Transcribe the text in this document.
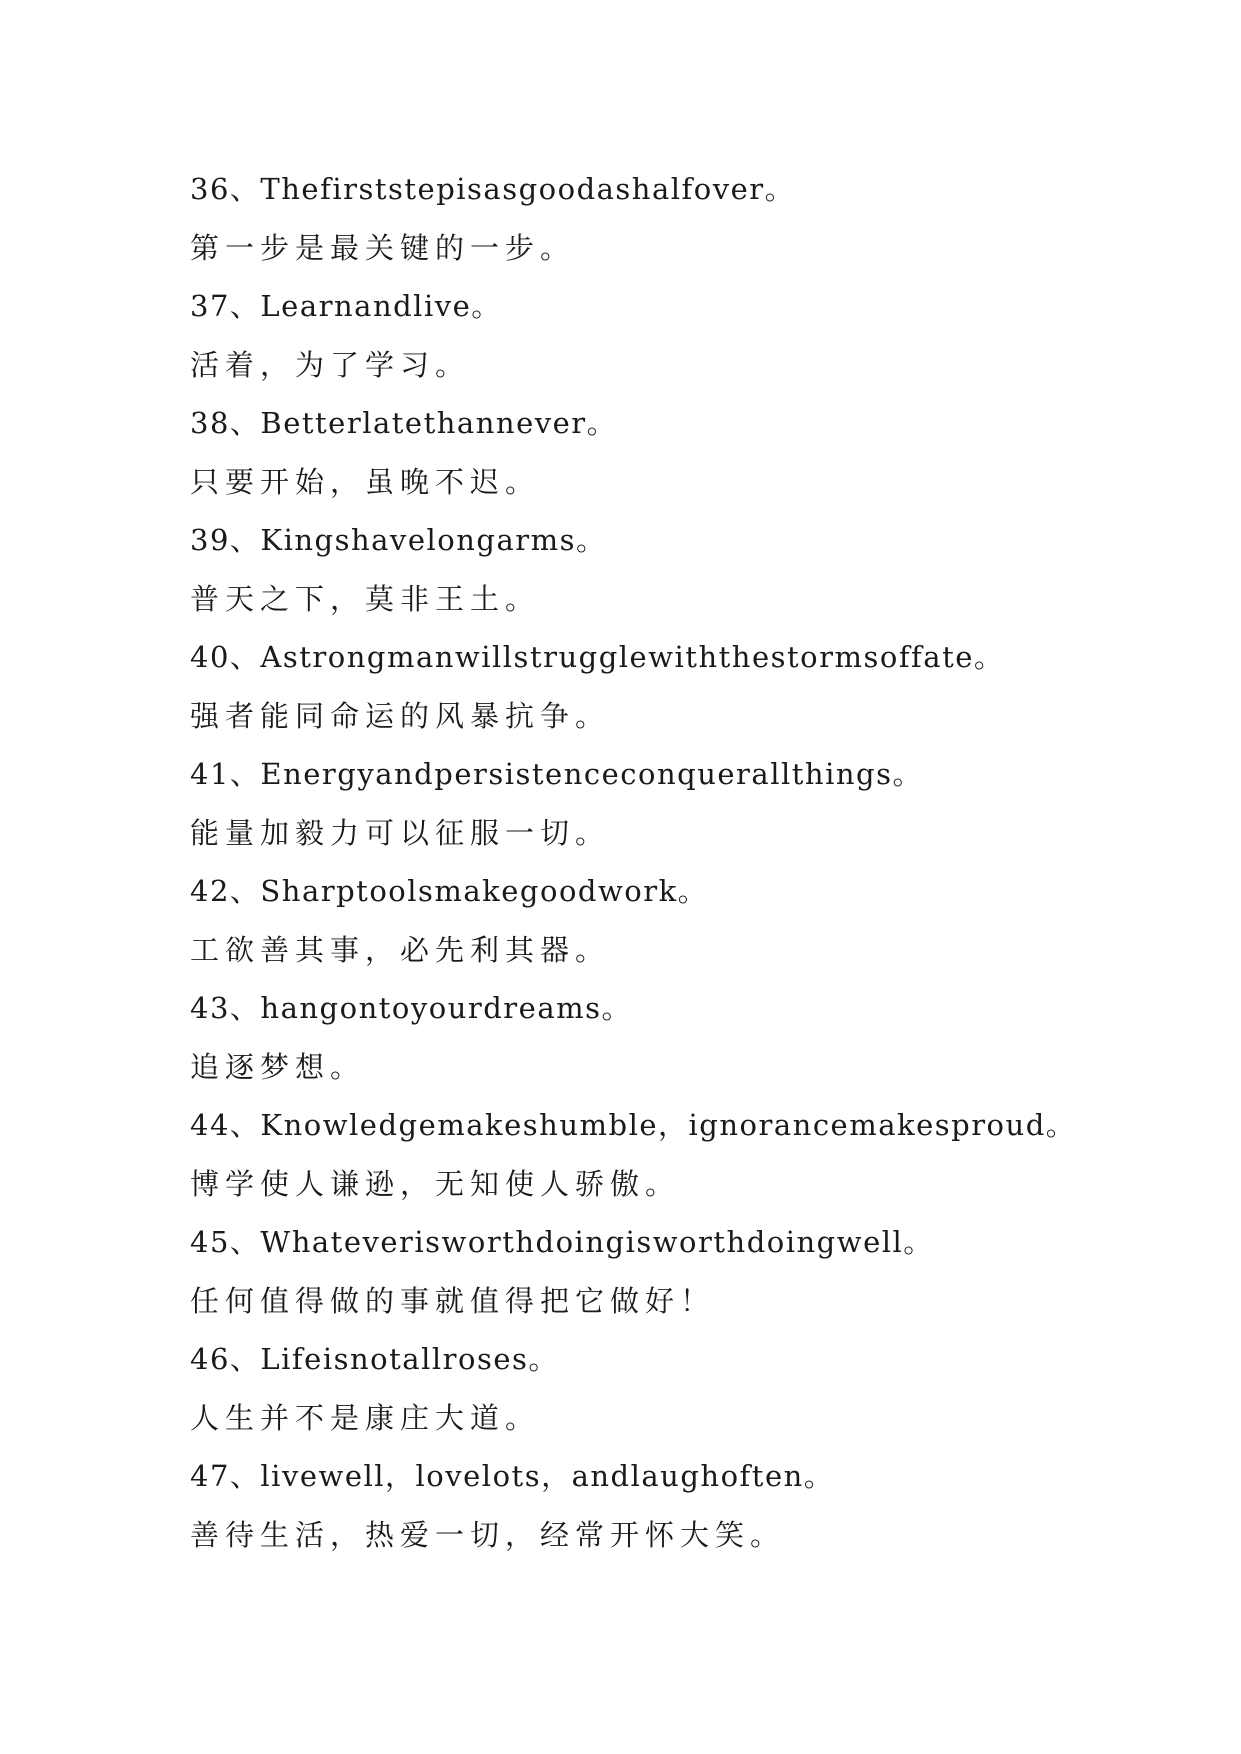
36、Thefirststepisasgoodashalfover。
第一步是最关键的一步。
37、Learnandlive。
活着，为了学习。
38、Betterlatethannever。
只要开始，虽晚不迟。
39、Kingshavelongarms。
普天之下，莫非王土。
40、Astrongmanwillstrugglewiththestormsoffate。
强者能同命运的风暴抗争。
41、Energyandpersistenceconquerallthings。
能量加毅力可以征服一切。
42、Sharptoolsmakegoodwork。
工欲善其事，必先利其器。
43、hangontoyourdreams。
追逐梦想。
44、Knowledgemakeshumble，ignorancemakesproud。
博学使人谦逊，无知使人骄傲。
45、Whateverisworthdoingisworthdoingwell。
任何值得做的事就值得把它做好！
46、Lifeisnotallroses。
人生并不是康庄大道。
47、livewell，lovelots，andlaughoften。
善待生活，热爱一切，经常开怀大笑。
